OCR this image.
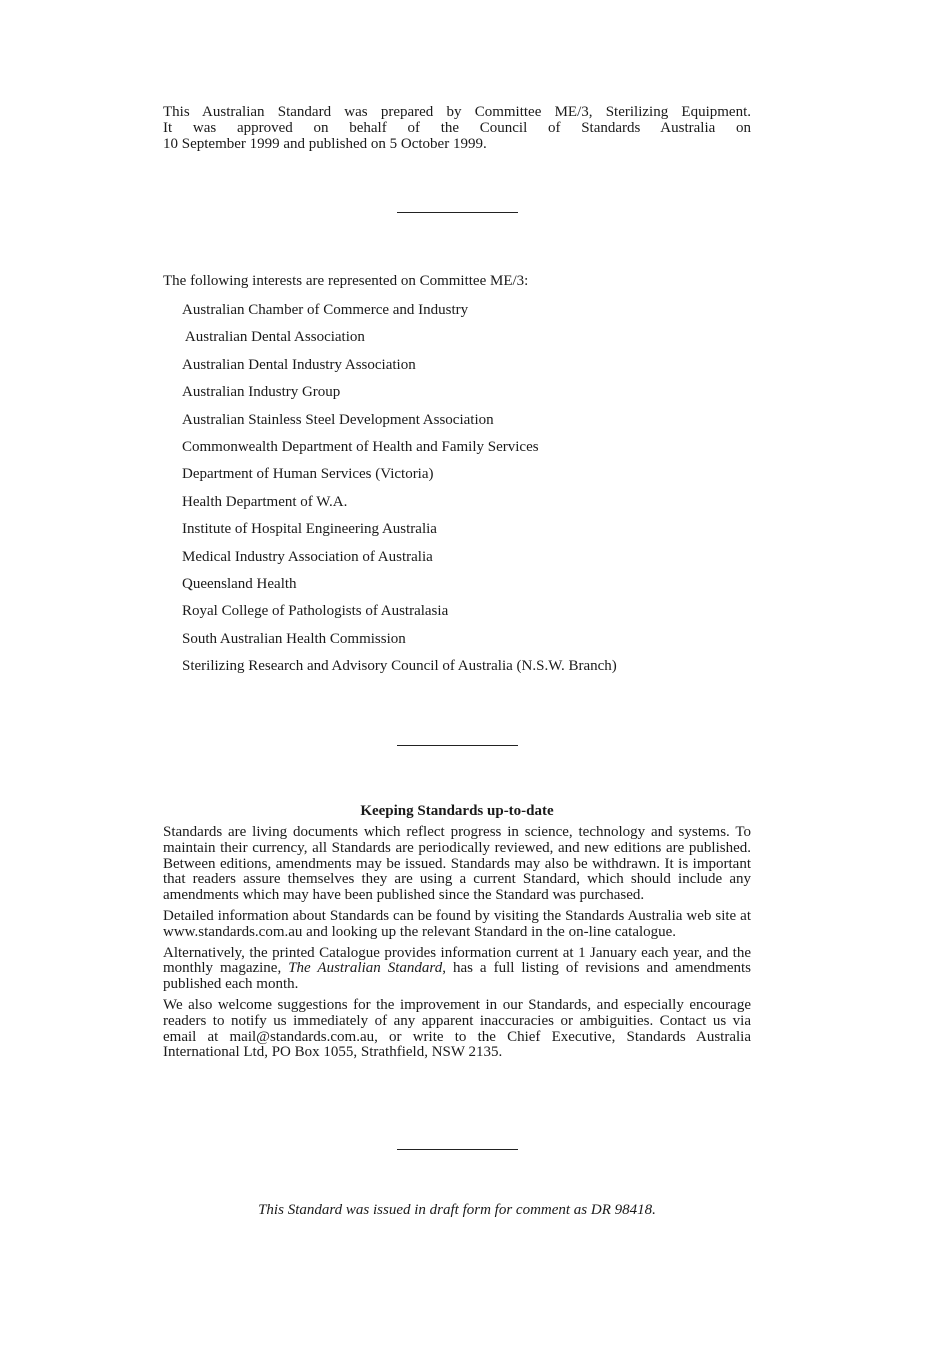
This Australian Standard was prepared by Committee ME/3, Sterilizing Equipment.
It was approved on behalf of the Council of Standards Australia on
10 September 1999 and published on 5 October 1999.

The following interests are represented on Committee ME/3:

Australian Chamber of Commerce and Industry
Australian Dental Association
Australian Dental Industry Association
Australian Industry Group
Australian Stainless Steel Development Association
Commonwealth Department of Health and Family Services
Department of Human Services (Victoria)
Health Department of W.A.
Institute of Hospital Engineering Australia
Medical Industry Association of Australia
Queensland Health
Royal College of Pathologists of Australasia
South Australian Health Commission
Sterilizing Research and Advisory Council of Australia (N.S.W. Branch)
Keeping Standards up-to-date

Standards are living documents which reflect progress in science, technology and systems. To maintain their currency, all Standards are periodically reviewed, and new editions are published. Between editions, amendments may be issued. Standards may also be withdrawn. It is important that readers assure themselves they are using a current Standard, which should include any amendments which may have been published since the Standard was purchased.

Detailed information about Standards can be found by visiting the Standards Australia web site at www.standards.com.au and looking up the relevant Standard in the on-line catalogue.

Alternatively, the printed Catalogue provides information current at 1 January each year, and the monthly magazine, The Australian Standard, has a full listing of revisions and amendments published each month.

We also welcome suggestions for the improvement in our Standards, and especially encourage readers to notify us immediately of any apparent inaccuracies or ambiguities. Contact us via email at mail@standards.com.au, or write to the Chief Executive, Standards Australia International Ltd, PO Box 1055, Strathfield, NSW 2135.

This Standard was issued in draft form for comment as DR 98418.
